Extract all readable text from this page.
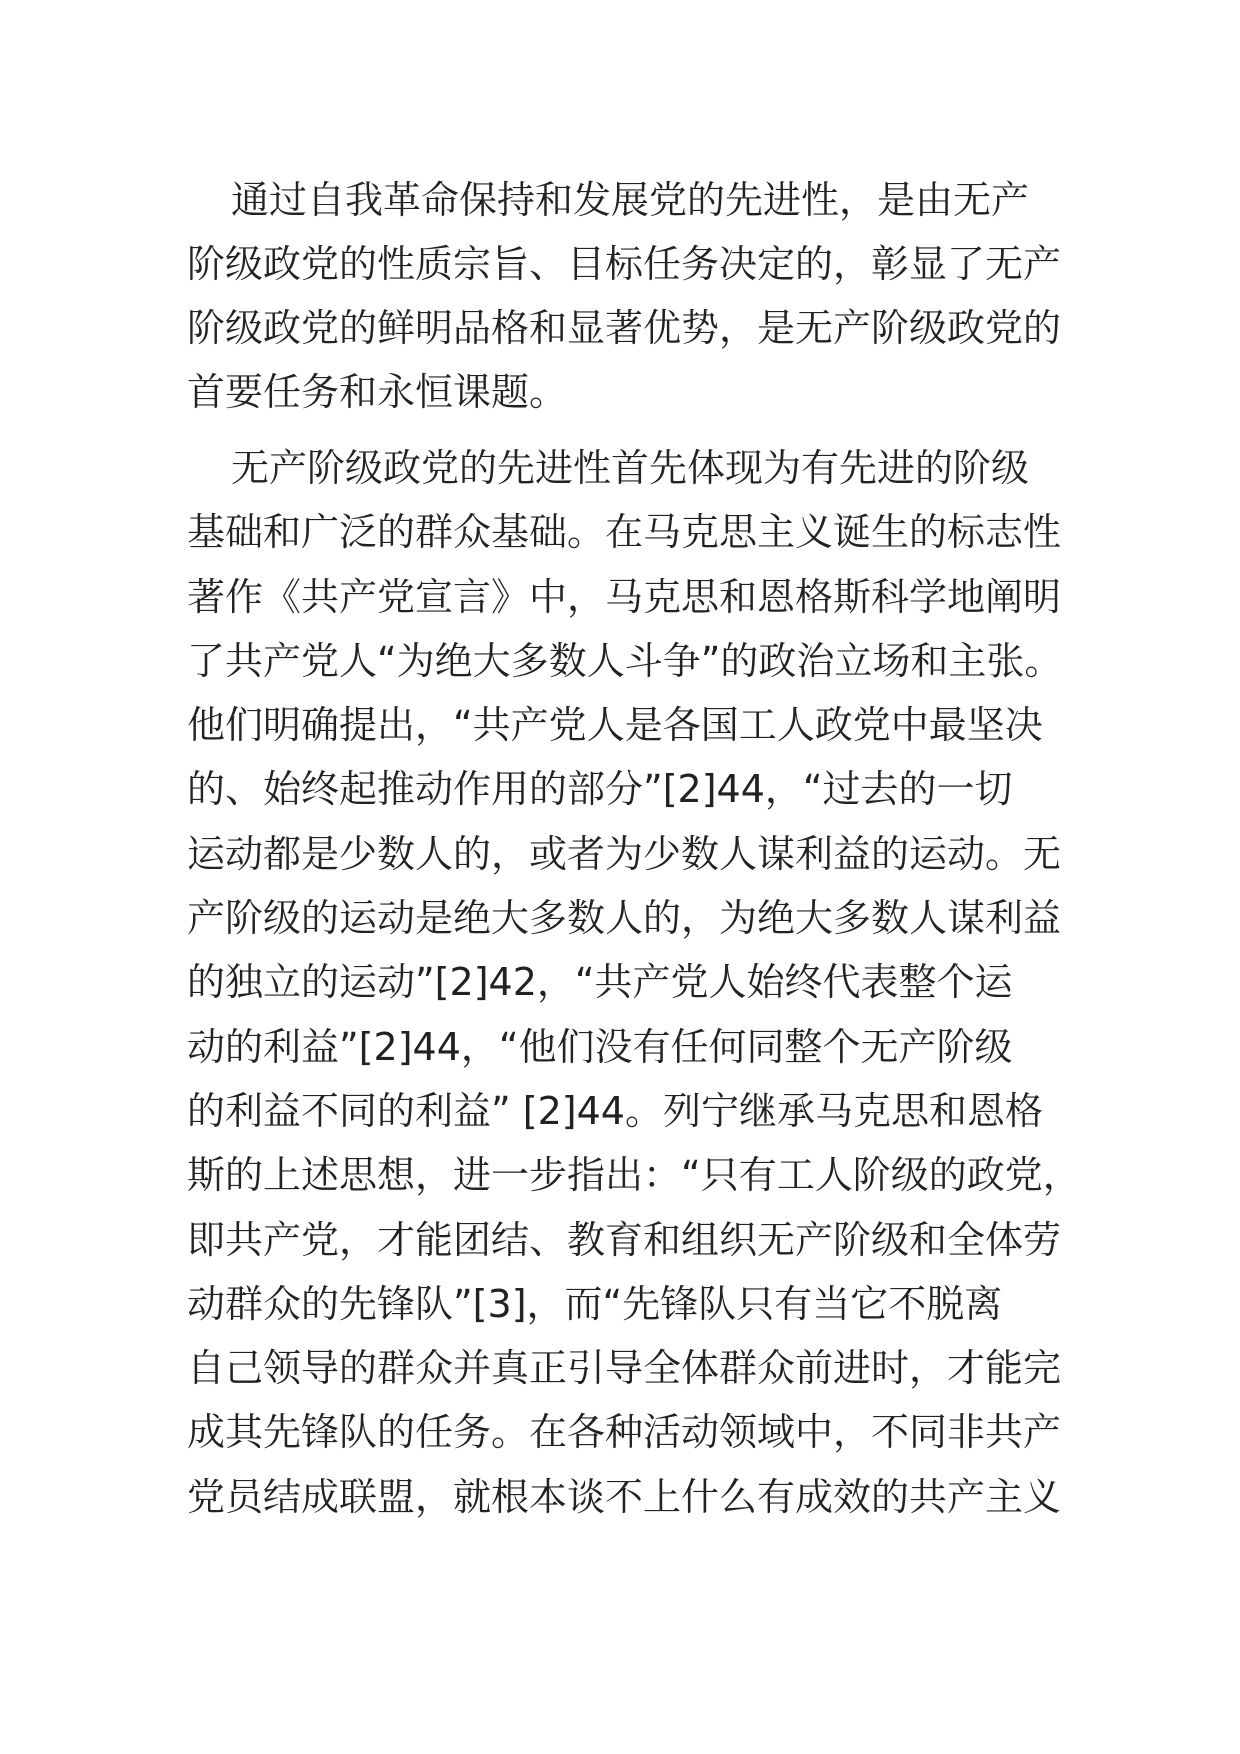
通过自我革命保持和发展党的先进性，是由无产
阶级政党的性质宗旨、目标任务决定的，彰显了无产
阶级政党的鲜明品格和显著优势，是无产阶级政党的
首要任务和永恒课题。
无产阶级政党的先进性首先体现为有先进的阶级
基础和广泛的群众基础。在马克思主义诞生的标志性
著作《共产党宣言》中，马克思和恩格斯科学地阐明
了共产党人“为绝大多数人斗争”的政治立场和主张。
他们明确提出，“共产党人是各国工人政党中最坚决
的、始终起推动作用的部分”[2]44，“过去的一切
运动都是少数人的，或者为少数人谋利益的运动。无
产阶级的运动是绝大多数人的，为绝大多数人谋利益
的独立的运动”[2]42，“共产党人始终代表整个运
动的利益”[2]44，“他们没有任何同整个无产阶级
的利益不同的利益” [2]44。列宁继承马克思和恩格
斯的上述思想，进一步指出：“只有工人阶级的政党，
即共产党，才能团结、教育和组织无产阶级和全体劳
动群众的先锋队”[3]，而“先锋队只有当它不脱离
自己领导的群众并真正引导全体群众前进时，才能完
成其先锋队的任务。在各种活动领域中，不同非共产
党员结成联盟，就根本谈不上什么有成效的共产主义
